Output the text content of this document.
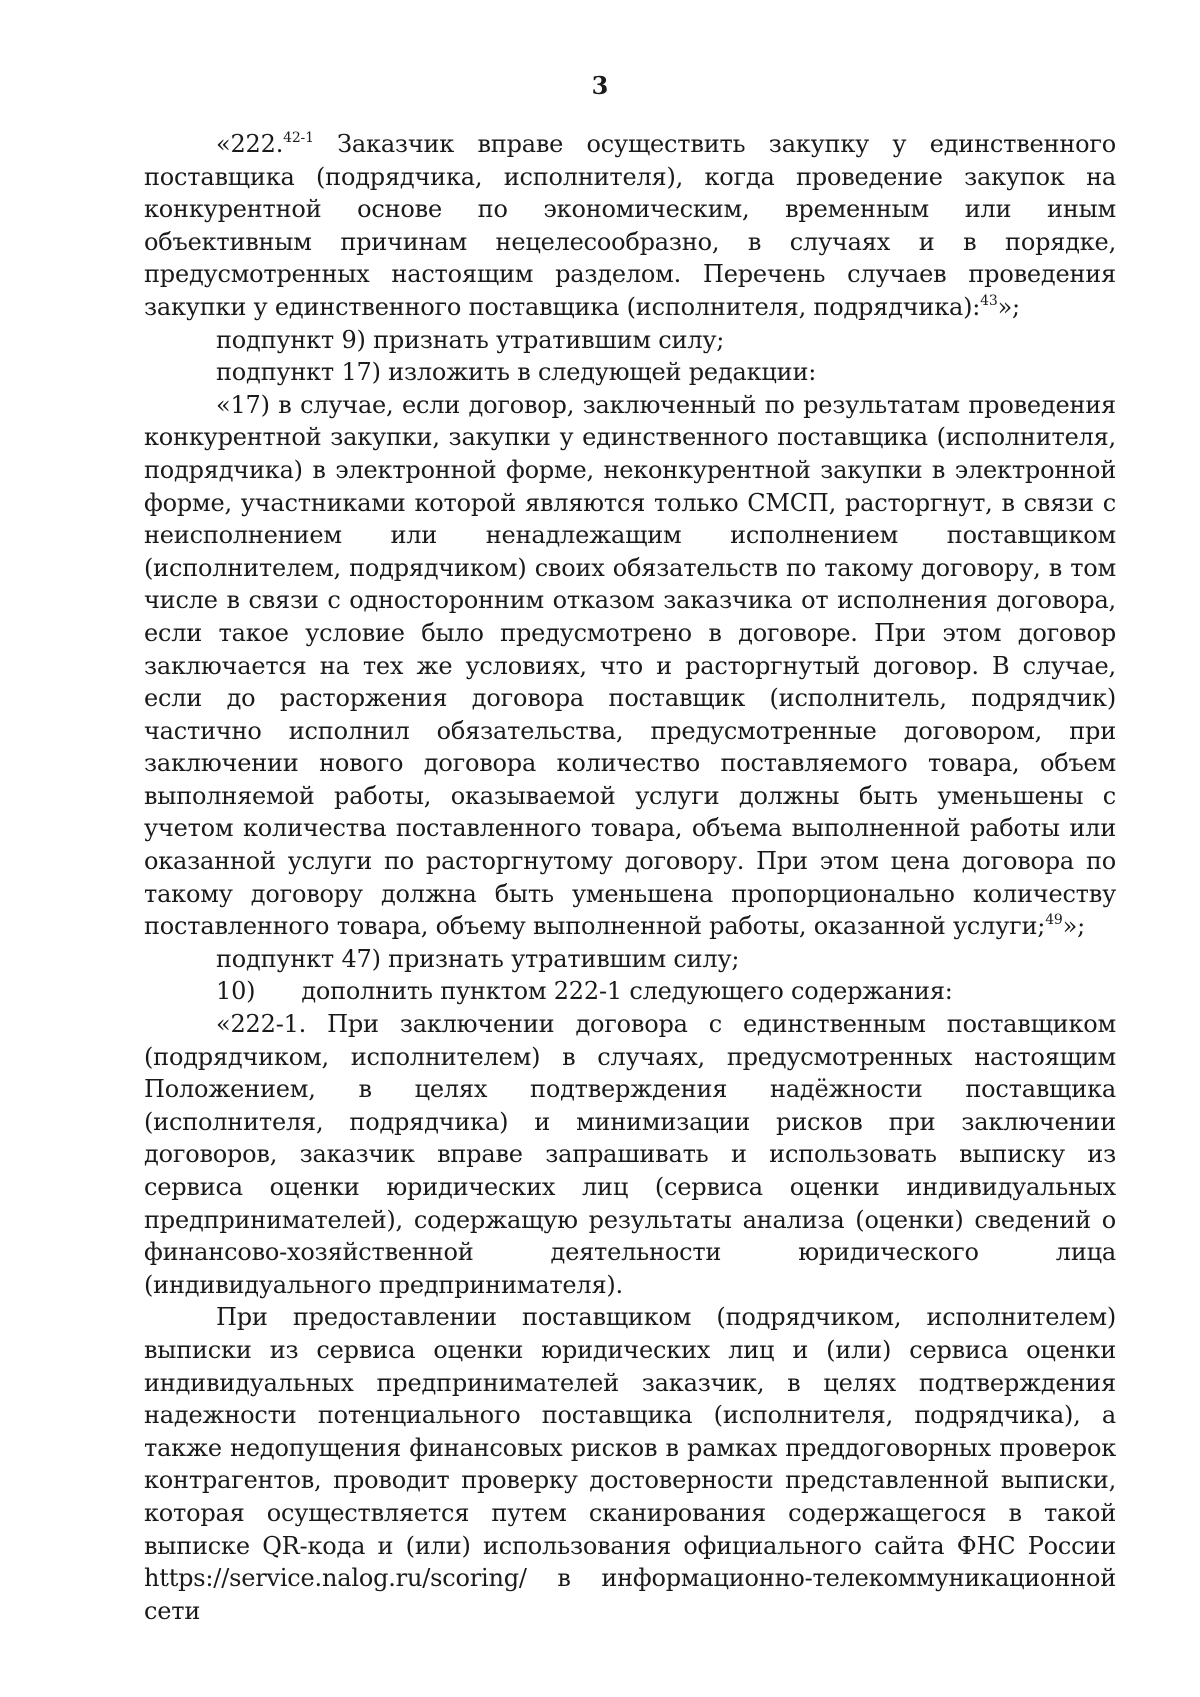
3

«222.$^{42-1}$ Заказчик вправе осуществить закупку у единственного поставщика (подрядчика, исполнителя), когда проведение закупок на конкурентной основе по экономическим, временным или иным объективным причинам нецелесообразно, в случаях и в порядке, предусмотренных настоящим разделом. Перечень случаев проведения закупки у единственного поставщика (исполнителя, подрядчика):$^{43}$»;

подпункт 9) признать утратившим силу;

подпункт 17) изложить в следующей редакции:

«17) в случае, если договор, заключенный по результатам проведения конкурентной закупки, закупки у единственного поставщика (исполнителя, подрядчика) в электронной форме, неконкурентной закупки в электронной форме, участниками которой являются только СМСП, расторгнут, в связи с неисполнением или ненадлежащим исполнением поставщиком (исполнителем, подрядчиком) своих обязательств по такому договору, в том числе в связи с односторонним отказом заказчика от исполнения договора, если такое условие было предусмотрено в договоре. При этом договор заключается на тех же условиях, что и расторгнутый договор. В случае, если до расторжения договора поставщик (исполнитель, подрядчик) частично исполнил обязательства, предусмотренные договором, при заключении нового договора количество поставляемого товара, объем выполняемой работы, оказываемой услуги должны быть уменьшены с учетом количества поставленного товара, объема выполненной работы или оказанной услуги по расторгнутому договору. При этом цена договора по такому договору должна быть уменьшена пропорционально количеству поставленного товара, объему выполненной работы, оказанной услуги;$^{49}$»;

подпункт 47) признать утратившим силу;

10) дополнить пунктом 222-1 следующего содержания:

«222-1. При заключении договора с единственным поставщиком (подрядчиком, исполнителем) в случаях, предусмотренных настоящим Положением, в целях подтверждения надёжности поставщика (исполнителя, подрядчика) и минимизации рисков при заключении договоров, заказчик вправе запрашивать и использовать выписку из сервиса оценки юридических лиц (сервиса оценки индивидуальных предпринимателей), содержащую результаты анализа (оценки) сведений о финансово-хозяйственной деятельности юридического лица (индивидуального предпринимателя).

При предоставлении поставщиком (подрядчиком, исполнителем) выписки из сервиса оценки юридических лиц и (или) сервиса оценки индивидуальных предпринимателей заказчик, в целях подтверждения надежности потенциального поставщика (исполнителя, подрядчика), а также недопущения финансовых рисков в рамках преддоговорных проверок контрагентов, проводит проверку достоверности представленной выписки, которая осуществляется путем сканирования содержащегося в такой выписке QR-кода и (или) использования официального сайта ФНС России https://service.nalog.ru/scoring/ в информационно-телекоммуникационной сети
